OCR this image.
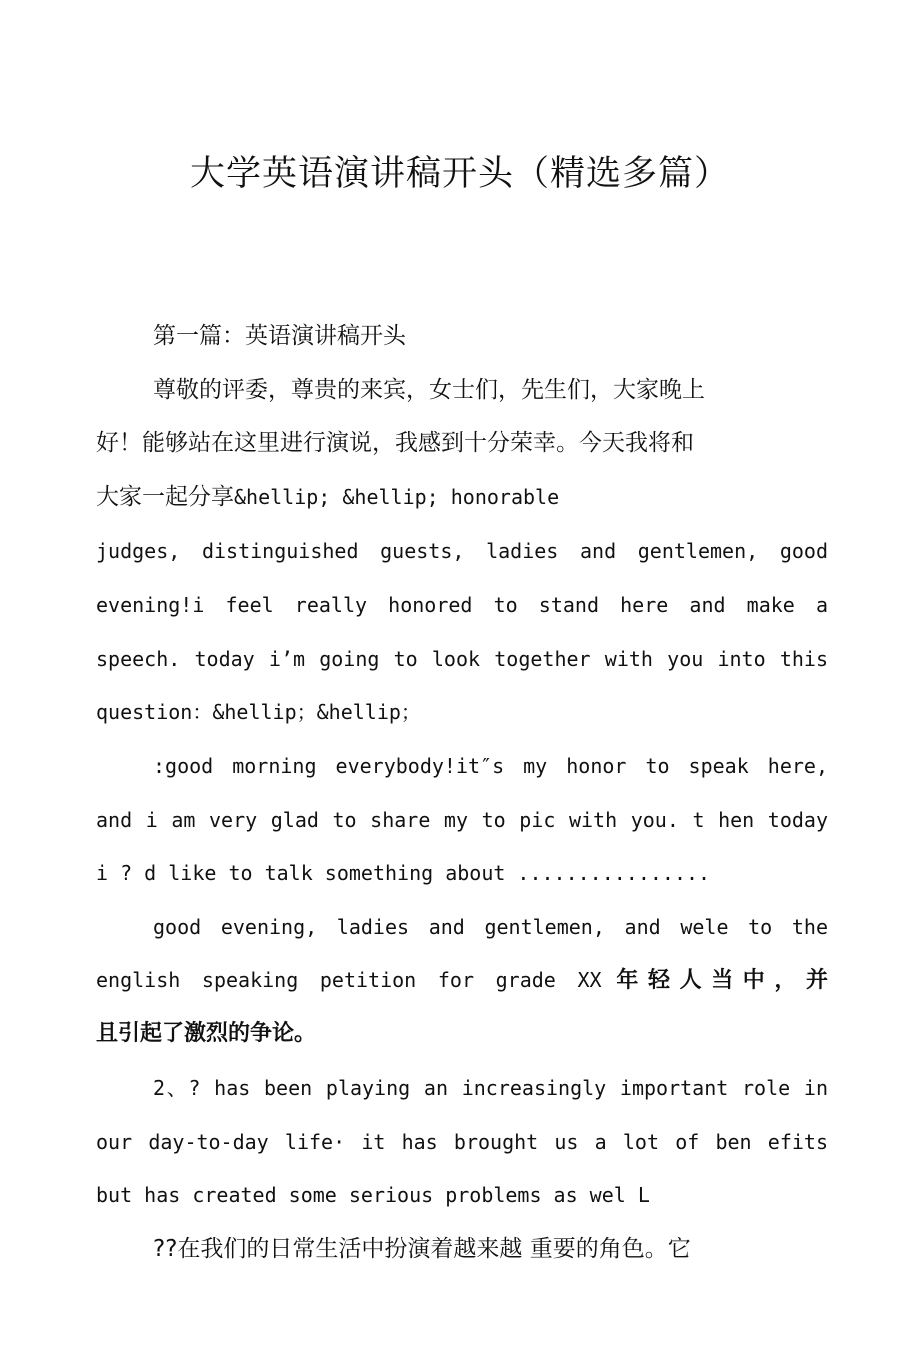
大学英语演讲稿开头（精选多篇）

第一篇：英语演讲稿开头

尊敬的评委，尊贵的来宾，女士们，先生们，大家晚上

好！能够站在这里进行演说，我感到十分荣幸。今天我将和

大家一起分享&hellip; &hellip; honorable

judges, distinguished guests, ladies and gentlemen, good

evening!i feel really honored to stand here and make a

speech. today i’m going to look together with you into this

question：&hellip；&hellip；

:good morning everybody!it″s my honor to speak here,

and i am very glad to share my to pic with you. t hen today

i ? d like to talk something about ................

good evening, ladies and gentlemen, and wele to the

english speaking petition for grade XX 年轻人当中，并

且引起了激烈的争论。

2、? has been playing an increasingly important role in

our day-to-day life· it has brought us a lot of ben efits

but has created some serious problems as wel L

??在我们的日常生活中扮演着越来越 重要的角色。它
